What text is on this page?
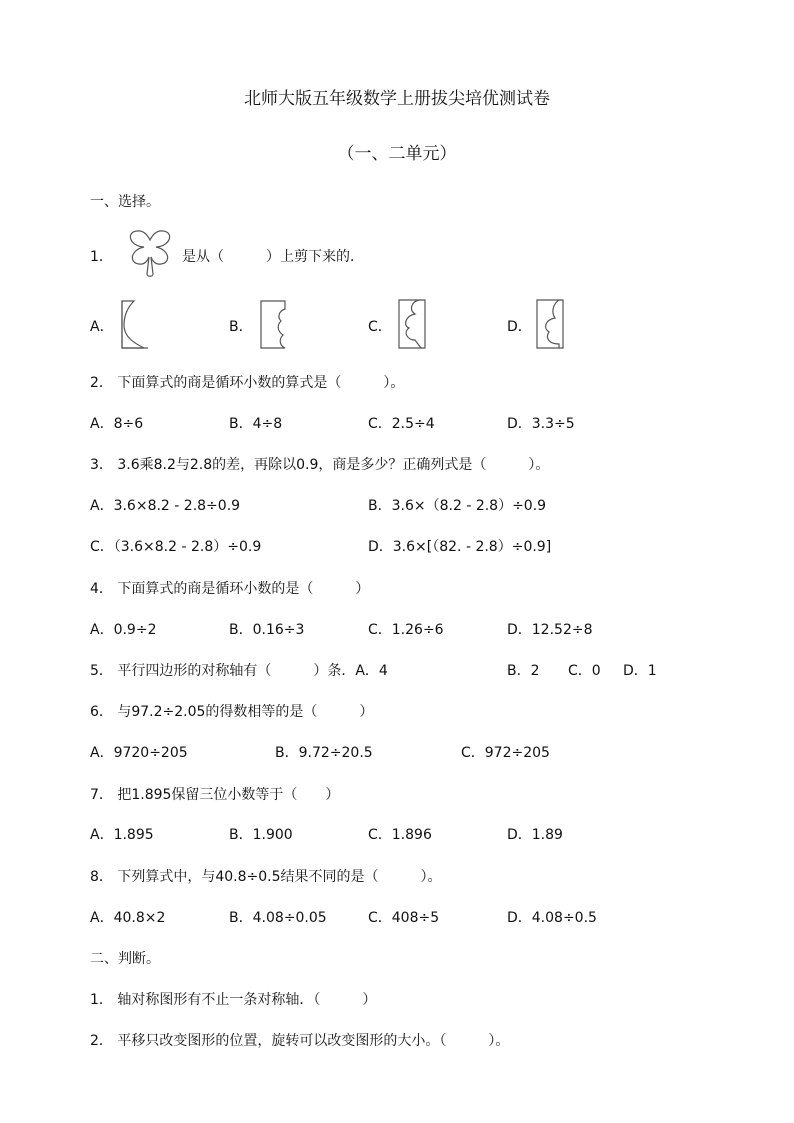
北师大版五年级数学上册拔尖培优测试卷
（一、二单元）
一、选择。
1．	是从（　　　）上剪下来的．
A．	B．	C．	D．
2． 下面算式的商是循环小数的算式是（　　　）。
A．8÷6	B．4÷8	C．2.5÷4	D．3.3÷5
3． 3.6乘8.2与2.8的差，再除以0.9，商是多少？正确列式是（　　　）。
A．3.6×8.2 - 2.8÷0.9	B．3.6×（8.2 - 2.8）÷0.9
C．（3.6×8.2 - 2.8）÷0.9	D．3.6×[（82. - 2.8）÷0.9]
4． 下面算式的商是循环小数的是（　　　）
A．0.9÷2	B．0.16÷3	C．1.26÷6	D．12.52÷8
5． 平行四边形的对称轴有（　　　）条．A．4	B．2 C．0 D．1
6． 与97.2÷2.05的得数相等的是（　　　）
A．9720÷205	B．9.72÷20.5	C．972÷205
7． 把1.895保留三位小数等于（　　）
A．1.895	B．1.900	C．1.896	D．1.89
8． 下列算式中，与40.8÷0.5结果不同的是（　　　）。
A．40.8×2	B．4.08÷0.05	C．408÷5	D．4.08÷0.5
二、判断。
1． 轴对称图形有不止一条对称轴．（　　　）
2． 平移只改变图形的位置，旋转可以改变图形的大小。（　　　）。
